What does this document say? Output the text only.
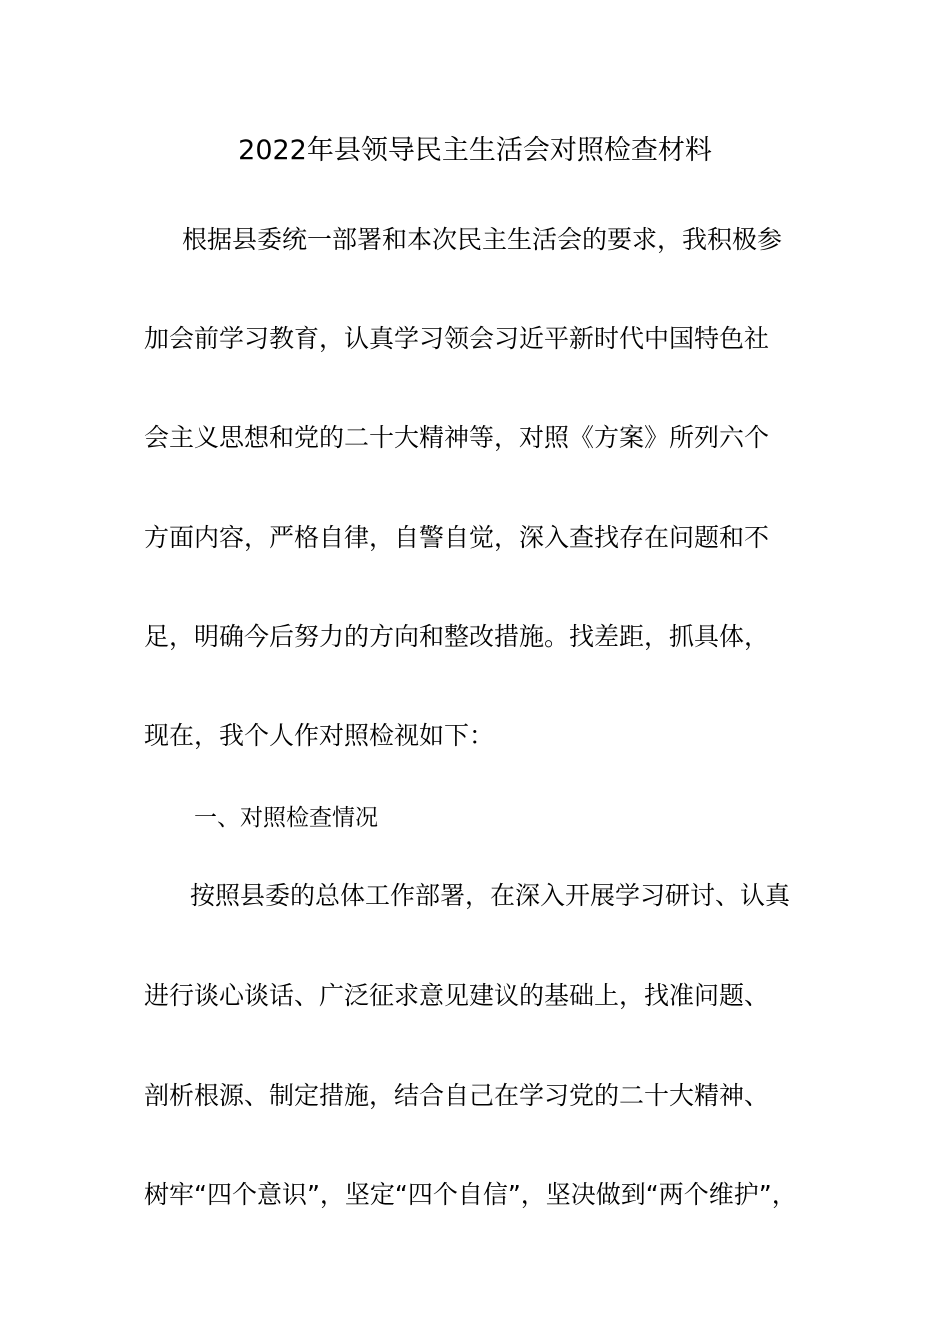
2022年县领导民主生活会对照检查材料
根据县委统一部署和本次民主生活会的要求，我积极参
加会前学习教育，认真学习领会习近平新时代中国特色社
会主义思想和党的二十大精神等，对照《方案》所列六个
方面内容，严格自律，自警自觉，深入查找存在问题和不
足，明确今后努力的方向和整改措施。找差距，抓具体，
现在，我个人作对照检视如下：
一、对照检查情况
按照县委的总体工作部署，在深入开展学习研讨、认真
进行谈心谈话、广泛征求意见建议的基础上，找准问题、
剖析根源、制定措施，结合自己在学习党的二十大精神、
树牢“四个意识”，坚定“四个自信”，坚决做到“两个维护”，
